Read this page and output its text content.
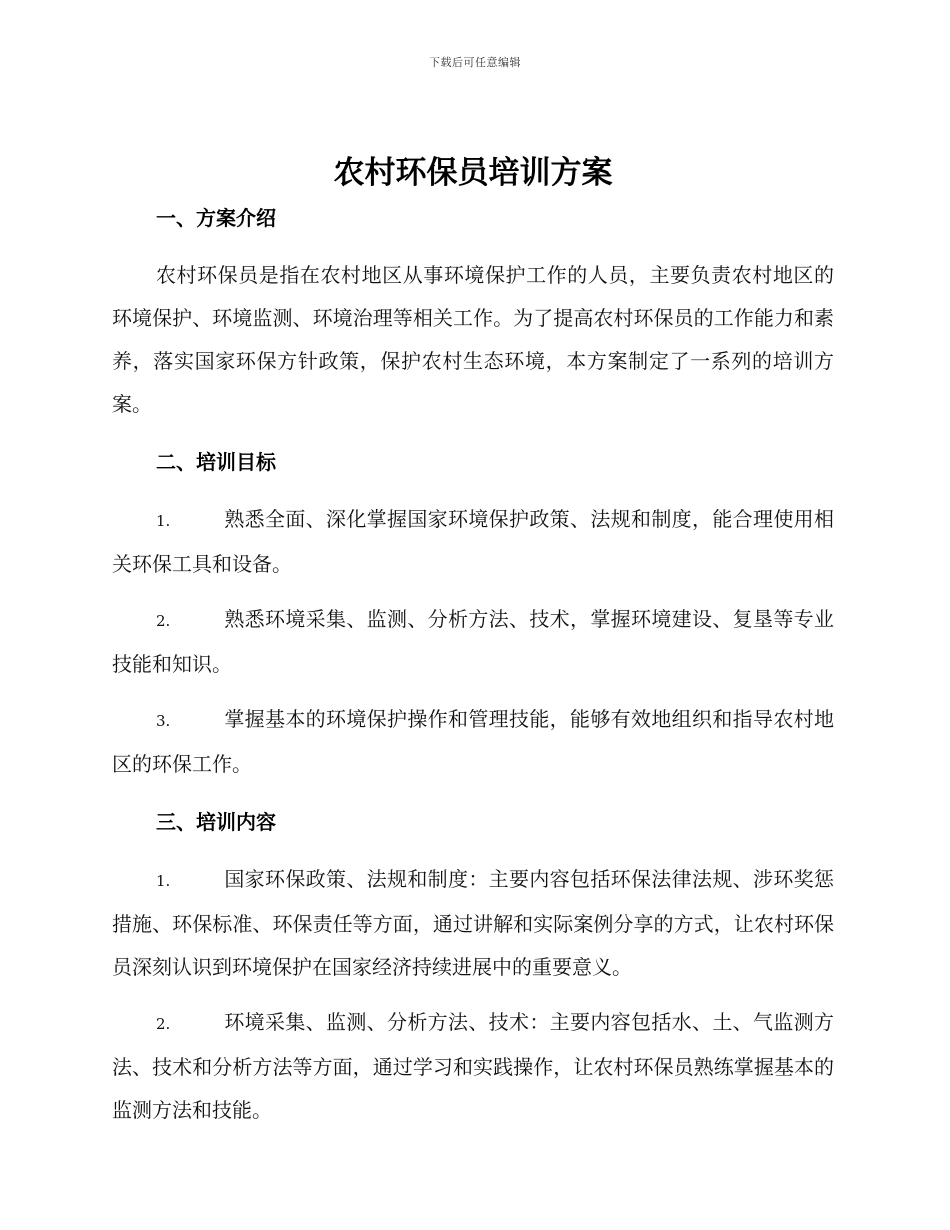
下载后可任意编辑
农村环保员培训方案
一、方案介绍

农村环保员是指在农村地区从事环境保护工作的人员，主要负责农村地区的环境保护、环境监测、环境治理等相关工作。为了提高农村环保员的工作能力和素养，落实国家环保方针政策，保护农村生态环境，本方案制定了一系列的培训方案。

二、培训目标

1.	熟悉全面、深化掌握国家环境保护政策、法规和制度，能合理使用相关环保工具和设备。

2.	熟悉环境采集、监测、分析方法、技术，掌握环境建设、复垦等专业技能和知识。

3.	掌握基本的环境保护操作和管理技能，能够有效地组织和指导农村地区的环保工作。

三、培训内容

1.	国家环保政策、法规和制度：主要内容包括环保法律法规、涉环奖惩措施、环保标准、环保责任等方面，通过讲解和实际案例分享的方式，让农村环保员深刻认识到环境保护在国家经济持续进展中的重要意义。

2.	环境采集、监测、分析方法、技术：主要内容包括水、土、气监测方法、技术和分析方法等方面，通过学习和实践操作，让农村环保员熟练掌握基本的监测方法和技能。
